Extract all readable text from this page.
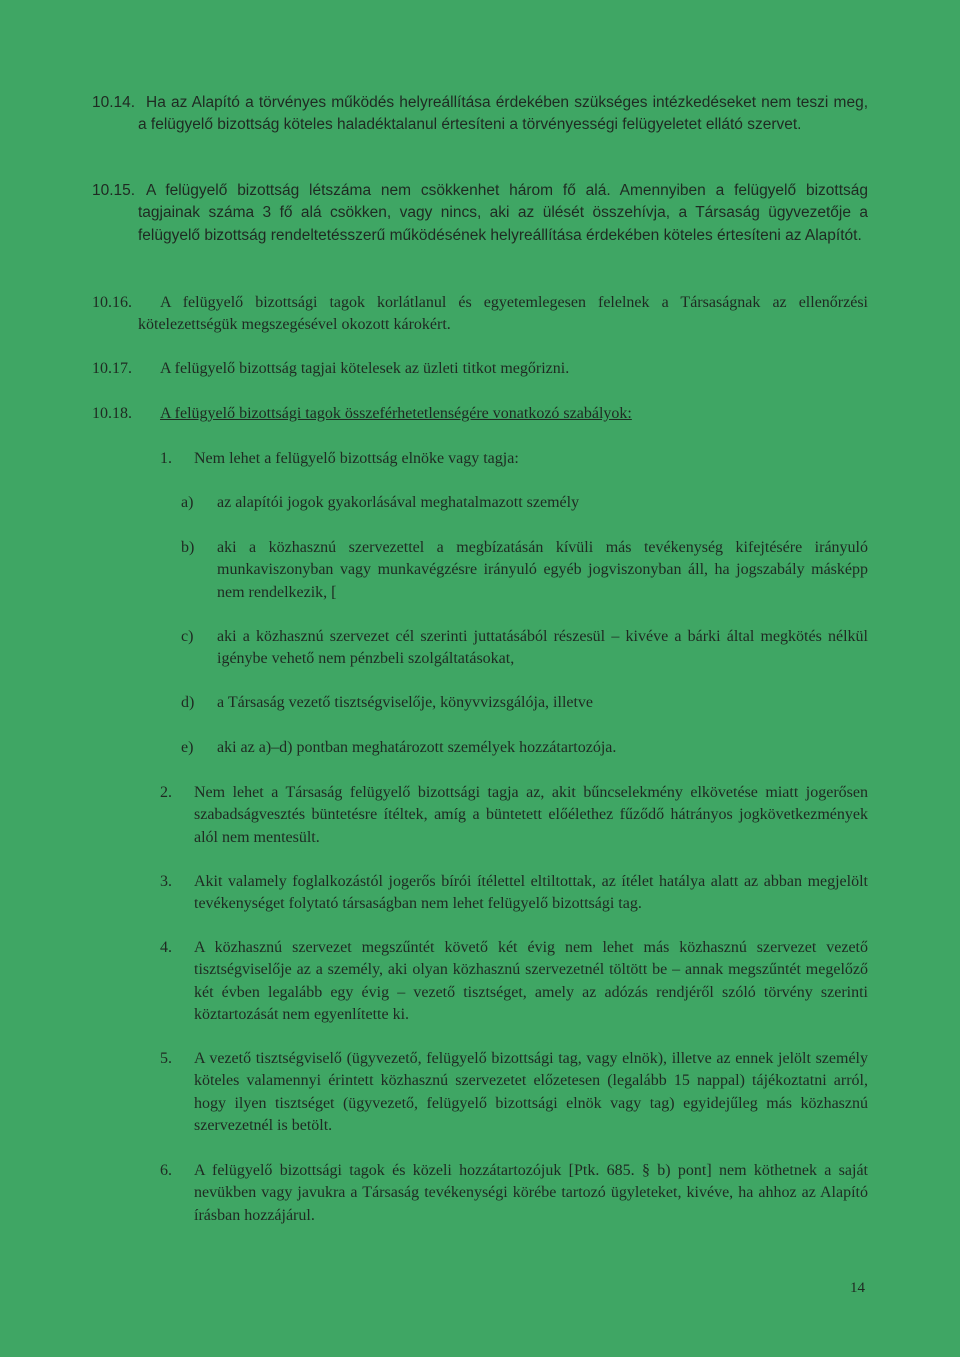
10.14. Ha az Alapító a törvényes működés helyreállítása érdekében szükséges intézkedéseket nem teszi meg, a felügyelő bizottság köteles haladéktalanul értesíteni a törvényességi felügyeletet ellátó szervet.
10.15. A felügyelő bizottság létszáma nem csökkenhet három fő alá. Amennyiben a felügyelő bizottság tagjainak száma 3 fő alá csökken, vagy nincs, aki az ülését összehívja, a Társaság ügyvezetője a felügyelő bizottság rendeltetésszerű működésének helyreállítása érdekében köteles értesíteni az Alapítót.
10.16.	A felügyelő bizottsági tagok korlátlanul és egyetemlegesen felelnek a Társaságnak az ellenőrzési kötelezettségük megszegésével okozott károkért.
10.17. A felügyelő bizottság tagjai kötelesek az üzleti titkot megőrizni.
10.18. A felügyelő bizottsági tagok összeférhetetlenségére vonatkozó szabályok:
1. Nem lehet a felügyelő bizottság elnöke vagy tagja:
a) az alapítói jogok gyakorlásával meghatalmazott személy
b) aki a közhasznú szervezettel a megbízatásán kívüli más tevékenység kifejtésére irányuló munkaviszonyban vagy munkavégzésre irányuló egyéb jogviszonyban áll, ha jogszabály másképp nem rendelkezik, [
c) aki a közhasznú szervezet cél szerinti juttatásából részesül – kivéve a bárki által megkötés nélkül igénybe vehető nem pénzbeli szolgáltatásokat,
d) a Társaság vezető tisztségviselője, könyvvizsgálója, illetve
e) aki az a)–d) pontban meghatározott személyek hozzátartozója.
2. Nem lehet a Társaság felügyelő bizottsági tagja az, akit bűncselekmény elkövetése miatt jogerősen szabadságvesztés büntetésre ítéltek, amíg a büntetett előélethez fűződő hátrányos jogkövetkezmények alól nem mentesült.
3. Akit valamely foglalkozástól jogerős bírói ítélettel eltiltottak, az ítélet hatálya alatt az abban megjelölt tevékenységet folytató társaságban nem lehet felügyelő bizottsági tag.
4. A közhasznú szervezet megszűntét követő két évig nem lehet más közhasznú szervezet vezető tisztségviselője az a személy, aki olyan közhasznú szervezetnél töltött be – annak megszűntét megelőző két évben legalább egy évig – vezető tisztséget, amely az adózás rendjéről szóló törvény szerinti köztartozását nem egyenlítette ki.
5. A vezető tisztségviselő (ügyvezető, felügyelő bizottsági tag, vagy elnök), illetve az ennek jelölt személy köteles valamennyi érintett közhasznú szervezetet előzetesen (legalább 15 nappal) tájékoztatni arról, hogy ilyen tisztséget (ügyvezető, felügyelő bizottsági elnök vagy tag) egyidejűleg más közhasznú szervezetnél is betölt.
6. A felügyelő bizottsági tagok és közeli hozzátartozójuk [Ptk. 685. § b) pont] nem köthetnek a saját nevükben vagy javukra a Társaság tevékenységi körébe tartozó ügyleteket, kivéve, ha ahhoz az Alapító írásban hozzájárul.
14
